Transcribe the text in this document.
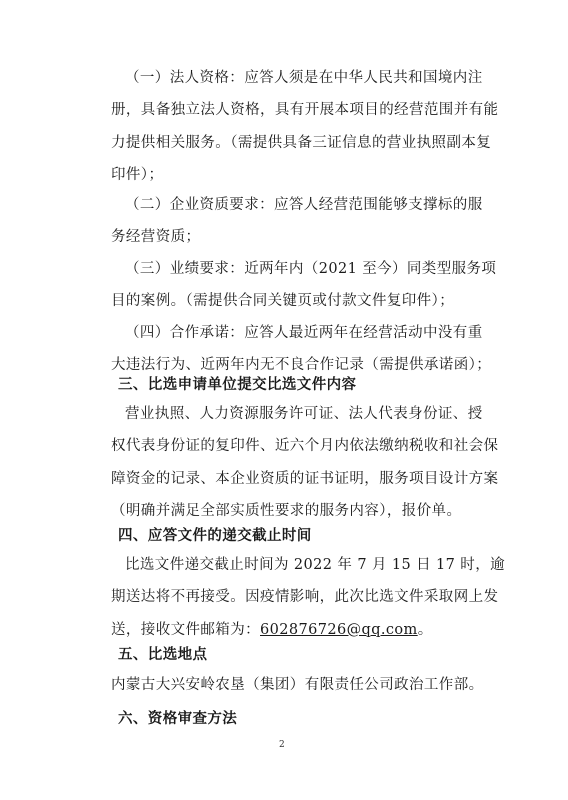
（一）法人资格：应答人须是在中华人民共和国境内注
册，具备独立法人资格，具有开展本项目的经营范围并有能
力提供相关服务。（需提供具备三证信息的营业执照副本复
印件）；
（二）企业资质要求：应答人经营范围能够支撑标的服
务经营资质；
（三）业绩要求：近两年内（2021 至今）同类型服务项
目的案例。（需提供合同关键页或付款文件复印件）；
（四）合作承诺：应答人最近两年在经营活动中没有重
大违法行为、近两年内无不良合作记录（需提供承诺函）；
三、比选申请单位提交比选文件内容
营业执照、人力资源服务许可证、法人代表身份证、授
权代表身份证的复印件、近六个月内依法缴纳税收和社会保
障资金的记录、本企业资质的证书证明，服务项目设计方案
（明确并满足全部实质性要求的服务内容），报价单。
四、应答文件的递交截止时间
比选文件递交截止时间为 2022 年 7 月 15 日 17 时，逾
期送达将不再接受。因疫情影响，此次比选文件采取网上发
送，接收文件邮箱为：602876726@qq.com。
五、比选地点
内蒙古大兴安岭农垦（集团）有限责任公司政治工作部。
六、资格审查方法
2
